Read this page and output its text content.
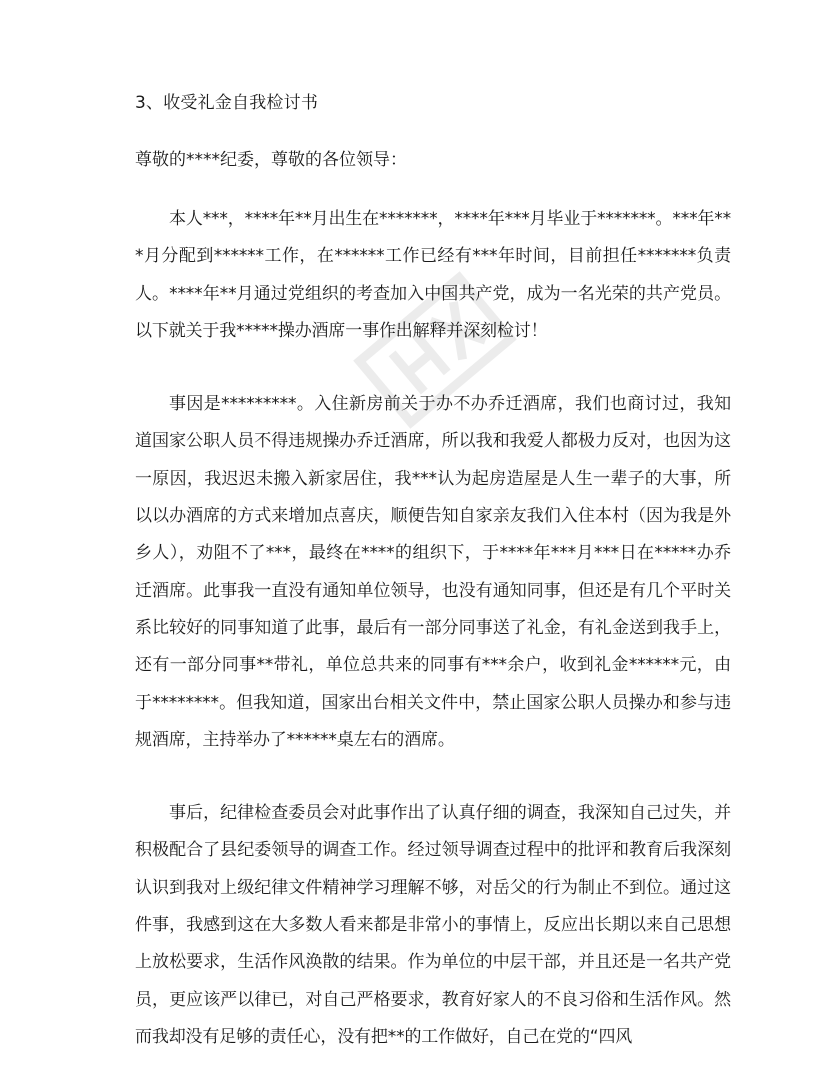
3、收受礼金自我检讨书

尊敬的****纪委，尊敬的各位领导：

本人***，****年**月出生在*******，****年***月毕业于*******。***年***月分配到******工作，在******工作已经有***年时间，目前担任*******负责人。****年**月通过党组织的考查加入中国共产党，成为一名光荣的共产党员。以下就关于我*****操办酒席一事作出解释并深刻检讨！

事因是*********。入住新房前关于办不办乔迁酒席，我们也商讨过，我知道国家公职人员不得违规操办乔迁酒席，所以我和我爱人都极力反对，也因为这一原因，我迟迟未搬入新家居住，我***认为起房造屋是人生一辈子的大事，所以以办酒席的方式来增加点喜庆，顺便告知自家亲友我们入住本村（因为我是外乡人），劝阻不了***，最终在****的组织下，于****年***月***日在*****办乔迁酒席。此事我一直没有通知单位领导，也没有通知同事，但还是有几个平时关系比较好的同事知道了此事，最后有一部分同事送了礼金，有礼金送到我手上，还有一部分同事**带礼，单位总共来的同事有***余户，收到礼金******元，由于********。但我知道，国家出台相关文件中，禁止国家公职人员操办和参与违规酒席，主持举办了******桌左右的酒席。

事后，纪律检查委员会对此事作出了认真仔细的调查，我深知自己过失，并积极配合了县纪委领导的调查工作。经过领导调查过程中的批评和教育后我深刻认识到我对上级纪律文件精神学习理解不够，对岳父的行为制止不到位。通过这件事，我感到这在大多数人看来都是非常小的事情上，反应出长期以来自己思想上放松要求，生活作风涣散的结果。作为单位的中层干部，并且还是一名共产党员，更应该严以律已，对自己严格要求，教育好家人的不良习俗和生活作风。然而我却没有足够的责任心，没有把**的工作做好，自己在党的“四风
